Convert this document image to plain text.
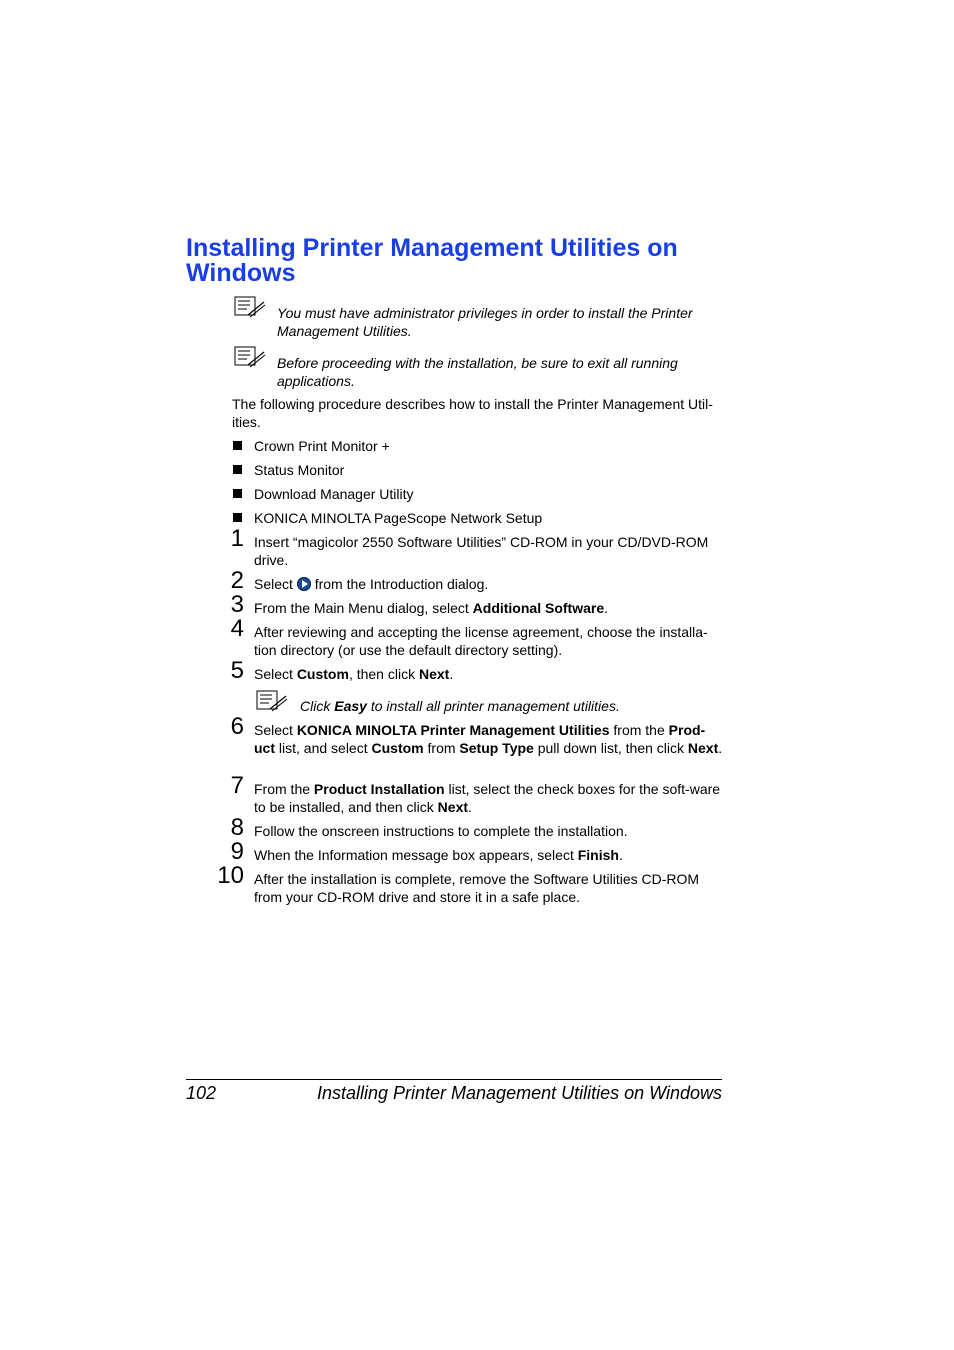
Installing Printer Management Utilities on Windows
You must have administrator privileges in order to install the Printer Management Utilities.
Before proceeding with the installation, be sure to exit all running applications.
The following procedure describes how to install the Printer Management Util-ities.
Crown Print Monitor +
Status Monitor
Download Manager Utility
KONICA MINOLTA PageScope Network Setup
1 Insert “magicolor 2550 Software Utilities” CD-ROM in your CD/DVD-ROM drive.
2 Select from the Introduction dialog.
3 From the Main Menu dialog, select Additional Software.
4 After reviewing and accepting the license agreement, choose the installa-tion directory (or use the default directory setting).
5 Select Custom, then click Next.
Click Easy to install all printer management utilities.
6 Select KONICA MINOLTA Printer Management Utilities from the Prod-uct list, and select Custom from Setup Type pull down list, then click Next.
7 From the Product Installation list, select the check boxes for the soft-ware to be installed, and then click Next.
8 Follow the onscreen instructions to complete the installation.
9 When the Information message box appears, select Finish.
10 After the installation is complete, remove the Software Utilities CD-ROM from your CD-ROM drive and store it in a safe place.
102	Installing Printer Management Utilities on Windows
